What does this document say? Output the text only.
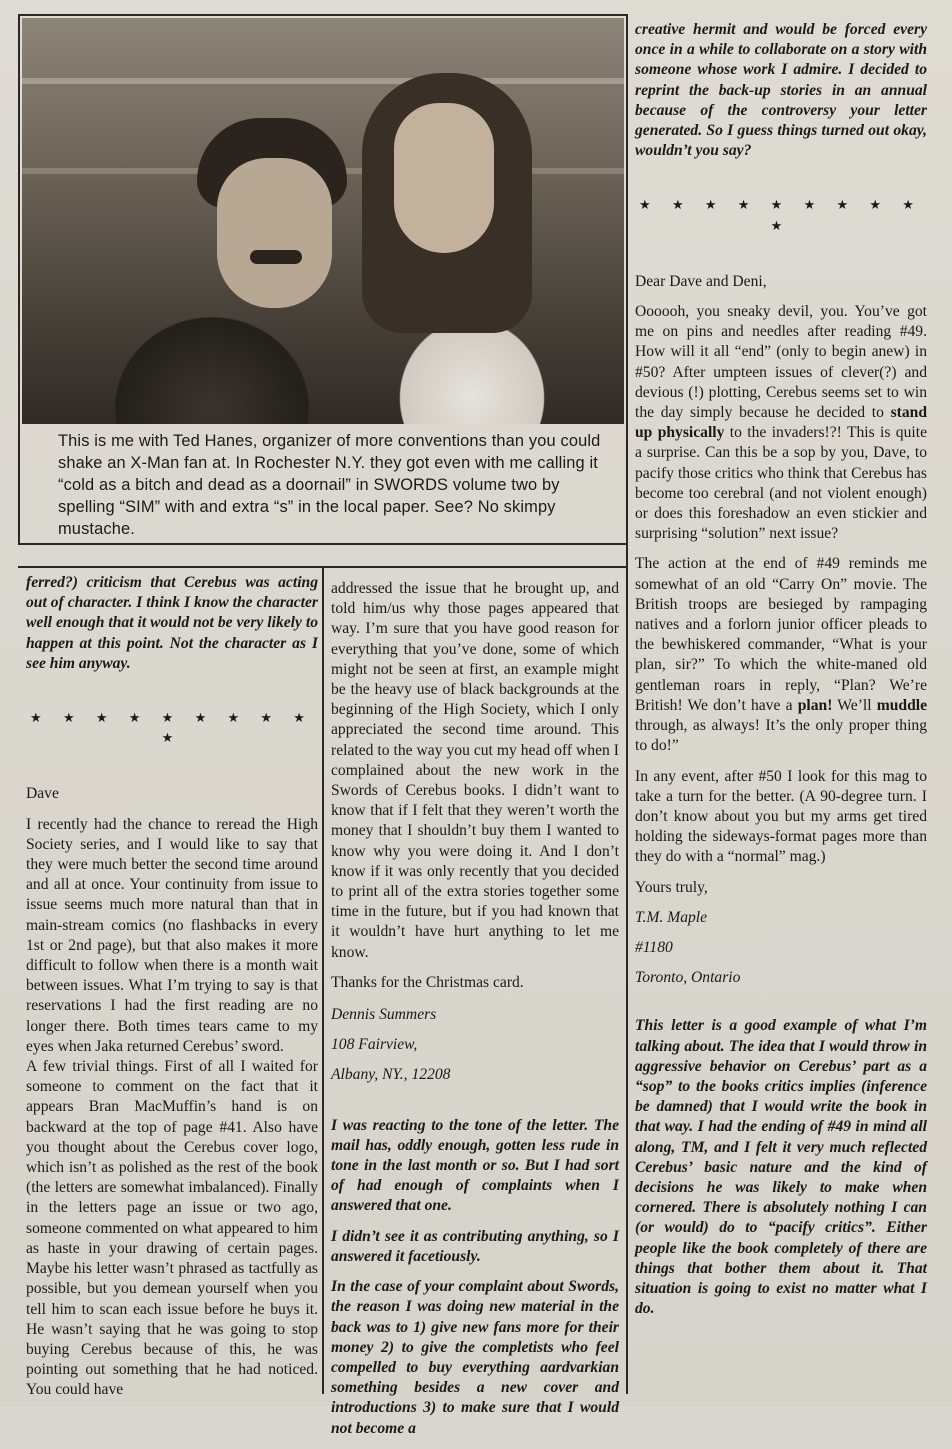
This is me with Ted Hanes, organizer of more conventions than you could shake an X-Man fan at. In Rochester N.Y. they got even with me calling it “cold as a bitch and dead as a doornail” in SWORDS volume two by spelling “SIM” with and extra “s” in the local paper. See? No skimpy mustache.

ferred?) criticism that Cerebus was acting out of character. I think I know the character well enough that it would not be very likely to happen at this point. Not the character as I see him anyway.

★ ★ ★ ★ ★ ★ ★ ★ ★ ★

Dave

I recently had the chance to reread the High Society series, and I would like to say that they were much better the second time around and all at once. Your continuity from issue to issue seems much more natural than that in main-stream comics (no flashbacks in every 1st or 2nd page), but that also makes it more difficult to follow when there is a month wait between issues. What I’m trying to say is that reservations I had the first reading are no longer there. Both times tears came to my eyes when Jaka returned Cerebus’ sword.

A few trivial things. First of all I waited for someone to comment on the fact that it appears Bran MacMuffin’s hand is on backward at the top of page #41. Also have you thought about the Cerebus cover logo, which isn’t as polished as the rest of the book (the letters are somewhat imbalanced). Finally in the letters page an issue or two ago, someone commented on what appeared to him as haste in your drawing of certain pages. Maybe his letter wasn’t phrased as tactfully as possible, but you demean yourself when you tell him to scan each issue before he buys it. He wasn’t saying that he was going to stop buying Cerebus because of this, he was pointing out something that he had noticed. You could have

addressed the issue that he brought up, and told him/us why those pages appeared that way. I’m sure that you have good reason for everything that you’ve done, some of which might not be seen at first, an example might be the heavy use of black backgrounds at the beginning of the High Society, which I only appreciated the second time around. This related to the way you cut my head off when I complained about the new work in the Swords of Cerebus books. I didn’t want to know that if I felt that they weren’t worth the money that I shouldn’t buy them I wanted to know why you were doing it. And I don’t know if it was only recently that you decided to print all of the extra stories together some time in the future, but if you had known that it wouldn’t have hurt anything to let me know.

Thanks for the Christmas card.

Dennis Summers

108 Fairview,

Albany, NY., 12208

I was reacting to the tone of the letter. The mail has, oddly enough, gotten less rude in tone in the last month or so. But I had sort of had enough of complaints when I answered that one.

I didn’t see it as contributing anything, so I answered it facetiously.

In the case of your complaint about Swords, the reason I was doing new material in the back was to 1) give new fans more for their money 2) to give the completists who feel compelled to buy everything aardvarkian something besides a new cover and introductions 3) to make sure that I would not become a

creative hermit and would be forced every once in a while to collaborate on a story with someone whose work I admire. I decided to reprint the back-up stories in an annual because of the controversy your letter generated. So I guess things turned out okay, wouldn’t you say?

★ ★ ★ ★ ★ ★ ★ ★ ★ ★

Dear Dave and Deni,

Oooooh, you sneaky devil, you. You’ve got me on pins and needles after reading #49. How will it all “end” (only to begin anew) in #50? After umpteen issues of clever(?) and devious (!) plotting, Cerebus seems set to win the day simply because he decided to stand up physically to the invaders!?! This is quite a surprise. Can this be a sop by you, Dave, to pacify those critics who think that Cerebus has become too cerebral (and not violent enough) or does this foreshadow an even stickier and surprising “solution” next issue?

The action at the end of #49 reminds me somewhat of an old “Carry On” movie. The British troops are besieged by rampaging natives and a forlorn junior officer pleads to the bewhiskered commander, “What is your plan, sir?” To which the white-maned old gentleman roars in reply, “Plan? We’re British! We don’t have a plan! We’ll muddle through, as always! It’s the only proper thing to do!”

In any event, after #50 I look for this mag to take a turn for the better. (A 90-degree turn. I don’t know about you but my arms get tired holding the sideways-format pages more than they do with a “normal” mag.)

Yours truly,

T.M. Maple

#1180

Toronto, Ontario

This letter is a good example of what I’m talking about. The idea that I would throw in aggressive behavior on Cerebus’ part as a “sop” to the books critics implies (inference be damned) that I would write the book in that way. I had the ending of #49 in mind all along, TM, and I felt it very much reflected Cerebus’ basic nature and the kind of decisions he was likely to make when cornered. There is absolutely nothing I can (or would) do to “pacify critics”. Either people like the book completely of there are things that bother them about it. That situation is going to exist no matter what I do.
